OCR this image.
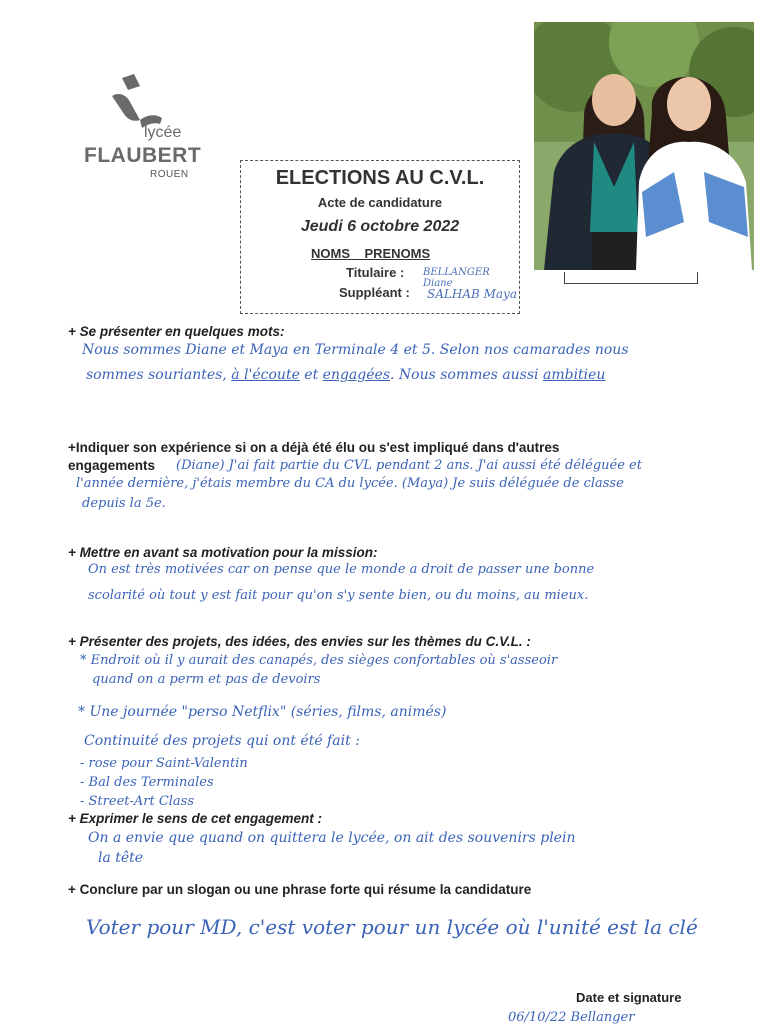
lycée
FLAUBERT
ROUEN	ELECTIONS AU C.V.L.
Acte de candidature
Jeudi 6 octobre 2022
NOMS    PRENOMS
Titulaire : BELLANGER Diane
Suppléant : SALHAB Maya
+ Se présenter en quelques mots:
Nous sommes Diane et Maya en Terminale 4 et 5. Selon nos camarades nous
sommes souriantes, à l'écoute et engagées. Nous sommes aussi ambitieu
+Indiquer son expérience si on a déjà été élu ou s'est impliqué dans d'autres
engagements (Diane) J'ai fait partie du CVL pendant 2 ans. J'ai aussi été déléguée et
l'année dernière, j'étais membre du CA du lycée. (Maya) Je suis déléguée de classe
depuis la 5e.
+ Mettre en avant sa motivation pour la mission:
On est très motivées car on pense que le monde a droit de passer une bonne
scolarité où tout y est fait pour qu'on s'y sente bien, ou du moins, au mieux.
+ Présenter des projets, des idées, des envies sur les thèmes du C.V.L. :
* Endroit où il y aurait des canapés, des sièges confortables où s'asseoir
quand on a perm et pas de devoirs
* Une journée "perso Netflix" (séries, films, animés)
Continuité des projets qui ont été fait :
- rose pour Saint-Valentin
- Bal des Terminales
- Street-Art Class
+ Exprimer le sens de cet engagement :
On a envie que quand on quittera le lycée, on ait des souvenirs plein
la tête
+ Conclure par un slogan ou une phrase forte qui résume la candidature
Voter pour MD, c'est voter pour un lycée où l'unité est la clé
Date et signature
06/10/22 Bellanger
